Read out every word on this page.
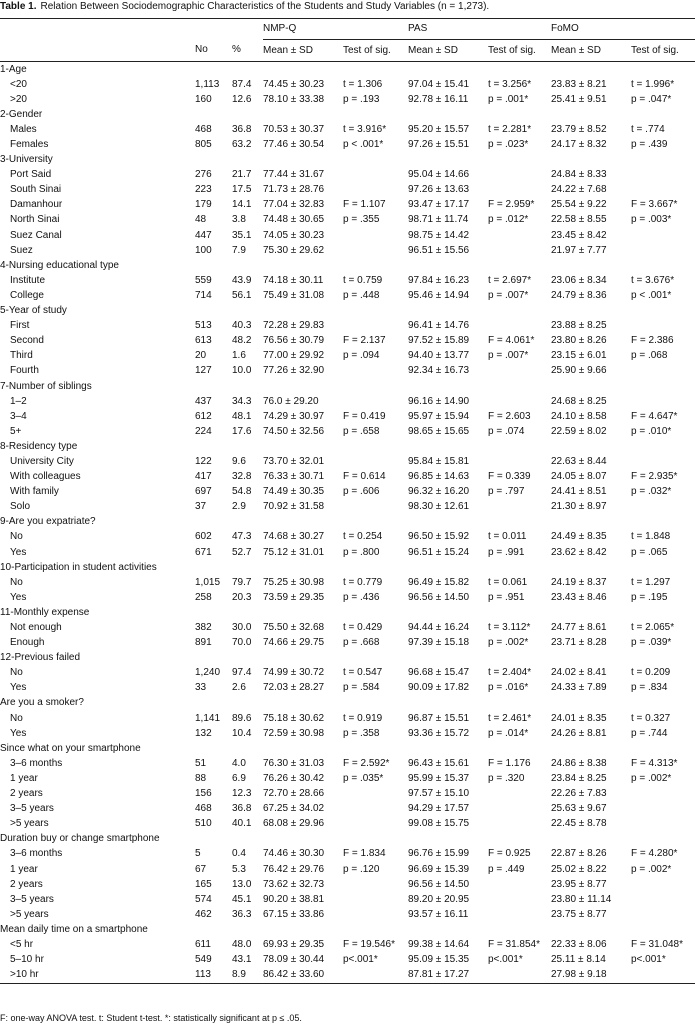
Table 1. Relation Between Sociodemographic Characteristics of the Students and Study Variables (n = 1,273).
			NMP-Q		PAS		FoMO	
	No	%	Mean ± SD	Test of sig.	Mean ± SD	Test of sig.	Mean ± SD	Test of sig.
1-Age								
<20	1,113	87.4	74.45 ± 30.23	t = 1.306	97.04 ± 15.41	t = 3.256*	23.83 ± 8.21	t = 1.996*
>20	160	12.6	78.10 ± 33.38	p = .193	92.78 ± 16.11	p = .001*	25.41 ± 9.51	p = .047*
2-Gender								
Males	468	36.8	70.53 ± 30.37	t = 3.916*	95.20 ± 15.57	t = 2.281*	23.79 ± 8.52	t = .774
Females	805	63.2	77.46 ± 30.54	p < .001*	97.26 ± 15.51	p = .023*	24.17 ± 8.32	p = .439
3-University								
Port Said	276	21.7	77.44 ± 31.67		95.04 ± 14.66		24.84 ± 8.33	
South Sinai	223	17.5	71.73 ± 28.76		97.26 ± 13.63		24.22 ± 7.68	
Damanhour	179	14.1	77.04 ± 32.83	F = 1.107	93.47 ± 17.17	F = 2.959*	25.54 ± 9.22	F = 3.667*
North Sinai	48	3.8	74.48 ± 30.65	p = .355	98.71 ± 11.74	p = .012*	22.58 ± 8.55	p = .003*
Suez Canal	447	35.1	74.05 ± 30.23		98.75 ± 14.42		23.45 ± 8.42	
Suez	100	7.9	75.30 ± 29.62		96.51 ± 15.56		21.97 ± 7.77	
4-Nursing educational type								
Institute	559	43.9	74.18 ± 30.11	t = 0.759	97.84 ± 16.23	t = 2.697*	23.06 ± 8.34	t = 3.676*
College	714	56.1	75.49 ± 31.08	p = .448	95.46 ± 14.94	p = .007*	24.79 ± 8.36	p < .001*
5-Year of study								
First	513	40.3	72.28 ± 29.83		96.41 ± 14.76		23.88 ± 8.25	
Second	613	48.2	76.56 ± 30.79	F = 2.137	97.52 ± 15.89	F = 4.061*	23.80 ± 8.26	F = 2.386
Third	20	1.6	77.00 ± 29.92	p = .094	94.40 ± 13.77	p = .007*	23.15 ± 6.01	p = .068
Fourth	127	10.0	77.26 ± 32.90		92.34 ± 16.73		25.90 ± 9.66	
7-Number of siblings								
1–2	437	34.3	76.0 ± 29.20		96.16 ± 14.90		24.68 ± 8.25	
3–4	612	48.1	74.29 ± 30.97	F = 0.419	95.97 ± 15.94	F = 2.603	24.10 ± 8.58	F = 4.647*
5+	224	17.6	74.50 ± 32.56	p = .658	98.65 ± 15.65	p = .074	22.59 ± 8.02	p = .010*
8-Residency type								
University City	122	9.6	73.70 ± 32.01		95.84 ± 15.81		22.63 ± 8.44	
With colleagues	417	32.8	76.33 ± 30.71	F = 0.614	96.85 ± 14.63	F = 0.339	24.05 ± 8.07	F = 2.935*
With family	697	54.8	74.49 ± 30.35	p = .606	96.32 ± 16.20	p = .797	24.41 ± 8.51	p = .032*
Solo	37	2.9	70.92 ± 31.58		98.30 ± 12.61		21.30 ± 8.97	
9-Are you expatriate?								
No	602	47.3	74.68 ± 30.27	t = 0.254	96.50 ± 15.92	t = 0.011	24.49 ± 8.35	t = 1.848
Yes	671	52.7	75.12 ± 31.01	p = .800	96.51 ± 15.24	p = .991	23.62 ± 8.42	p = .065
10-Participation in student activities								
No	1,015	79.7	75.25 ± 30.98	t = 0.779	96.49 ± 15.82	t = 0.061	24.19 ± 8.37	t = 1.297
Yes	258	20.3	73.59 ± 29.35	p = .436	96.56 ± 14.50	p = .951	23.43 ± 8.46	p = .195
11-Monthly expense								
Not enough	382	30.0	75.50 ± 32.68	t = 0.429	94.44 ± 16.24	t = 3.112*	24.77 ± 8.61	t = 2.065*
Enough	891	70.0	74.66 ± 29.75	p = .668	97.39 ± 15.18	p = .002*	23.71 ± 8.28	p = .039*
12-Previous failed								
No	1,240	97.4	74.99 ± 30.72	t = 0.547	96.68 ± 15.47	t = 2.404*	24.02 ± 8.41	t = 0.209
Yes	33	2.6	72.03 ± 28.27	p = .584	90.09 ± 17.82	p = .016*	24.33 ± 7.89	p = .834
Are you a smoker?								
No	1,141	89.6	75.18 ± 30.62	t = 0.919	96.87 ± 15.51	t = 2.461*	24.01 ± 8.35	t = 0.327
Yes	132	10.4	72.59 ± 30.98	p = .358	93.36 ± 15.72	p = .014*	24.26 ± 8.81	p = .744
Since what on your smartphone								
3–6 months	51	4.0	76.30 ± 31.03	F = 2.592*	96.43 ± 15.61	F = 1.176	24.86 ± 8.38	F = 4.313*
1 year	88	6.9	76.26 ± 30.42	p = .035*	95.99 ± 15.37	p = .320	23.84 ± 8.25	p = .002*
2 years	156	12.3	72.70 ± 28.66		97.57 ± 15.10		22.26 ± 7.83	
3–5 years	468	36.8	67.25 ± 34.02		94.29 ± 17.57		25.63 ± 9.67	
>5 years	510	40.1	68.08 ± 29.96		99.08 ± 15.75		22.45 ± 8.78	
Duration buy or change smartphone								
3–6 months	5	0.4	74.46 ± 30.30	F = 1.834	96.76 ± 15.99	F = 0.925	22.87 ± 8.26	F = 4.280*
1 year	67	5.3	76.42 ± 29.76	p = .120	96.69 ± 15.39	p = .449	25.02 ± 8.22	p = .002*
2 years	165	13.0	73.62 ± 32.73		96.56 ± 14.50		23.95 ± 8.77	
3–5 years	574	45.1	90.20 ± 38.81		89.20 ± 20.95		23.80 ± 11.14	
>5 years	462	36.3	67.15 ± 33.86		93.57 ± 16.11		23.75 ± 8.77	
Mean daily time on a smartphone								
<5 hr	611	48.0	69.93 ± 29.35	F = 19.546*	99.38 ± 14.64	F = 31.854*	22.33 ± 8.06	F = 31.048*
5–10 hr	549	43.1	78.09 ± 30.44	p<.001*	95.09 ± 15.35	p<.001*	25.11 ± 8.14	p<.001*
>10 hr	113	8.9	86.42 ± 33.60		87.81 ± 17.27		27.98 ± 9.18	
F: one-way ANOVA test. t: Student t-test. *: statistically significant at p ≤ .05.
